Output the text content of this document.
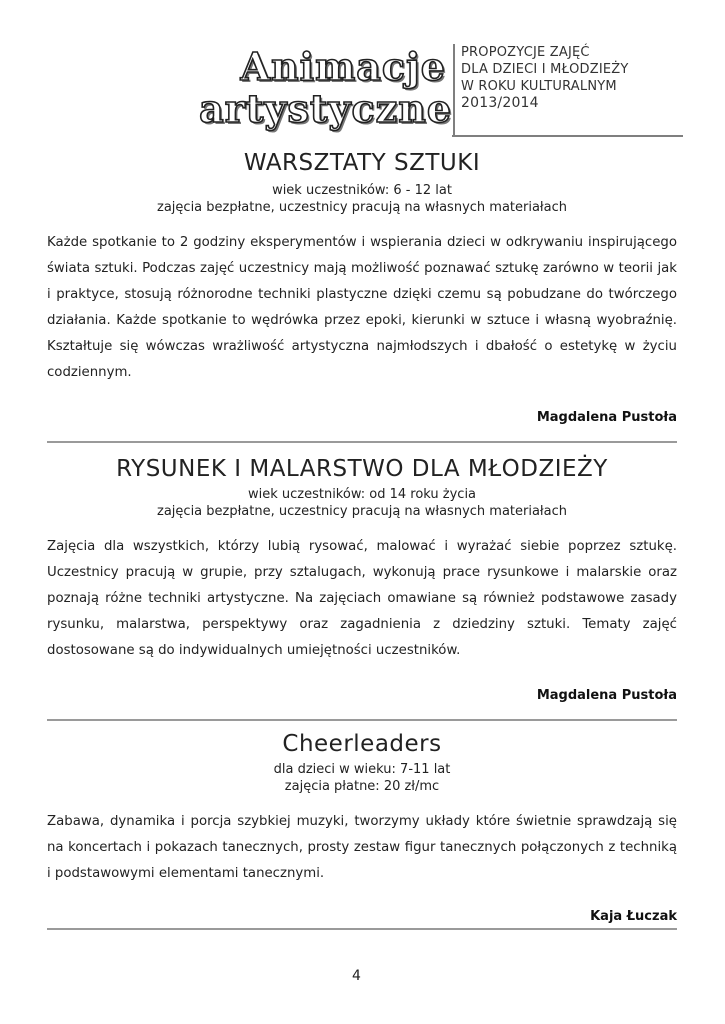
Animacje
artystyczne
PROPOZYCJE ZAJĘĆ
DLA DZIECI I MŁODZIEŻY
W ROKU KULTURALNYM
2013/2014
WARSZTATY SZTUKI
wiek uczestników: 6 - 12 lat
zajęcia bezpłatne, uczestnicy pracują na własnych materiałach
Każde spotkanie to 2 godziny eksperymentów i wspierania dzieci w odkrywaniu inspirującego świata sztuki. Podczas zajęć uczestnicy mają możliwość poznawać sztukę zarówno w teorii jak i praktyce, stosują różnorodne techniki plastyczne dzięki czemu są pobudzane do twórczego działania. Każde spotkanie to wędrówka przez epoki, kierunki w sztuce i własną wyobraźnię. Kształtuje się wówczas wrażliwość artystyczna najmłodszych i dbałość o estetykę w życiu codziennym.
Magdalena Pustoła
RYSUNEK I MALARSTWO DLA MŁODZIEŻY
wiek uczestników: od 14 roku życia
zajęcia bezpłatne, uczestnicy pracują na własnych materiałach
Zajęcia dla wszystkich, którzy lubią rysować, malować i wyrażać siebie poprzez sztukę. Uczestnicy pracują w grupie, przy sztalugach, wykonują prace rysunkowe i malarskie oraz poznają różne techniki artystyczne. Na zajęciach omawiane są również podstawowe zasady rysunku, malarstwa, perspektywy oraz zagadnienia z dziedziny sztuki. Tematy zajęć dostosowane są do indywidualnych umiejętności uczestników.
Magdalena Pustoła
Cheerleaders
dla dzieci w wieku: 7-11 lat
zajęcia płatne: 20 zł/mc
Zabawa, dynamika i porcja szybkiej muzyki, tworzymy układy które świetnie sprawdzają się na koncertach i pokazach tanecznych, prosty zestaw figur tanecznych połączonych z techniką i podstawowymi elementami tanecznymi.
Kaja Łuczak
4
